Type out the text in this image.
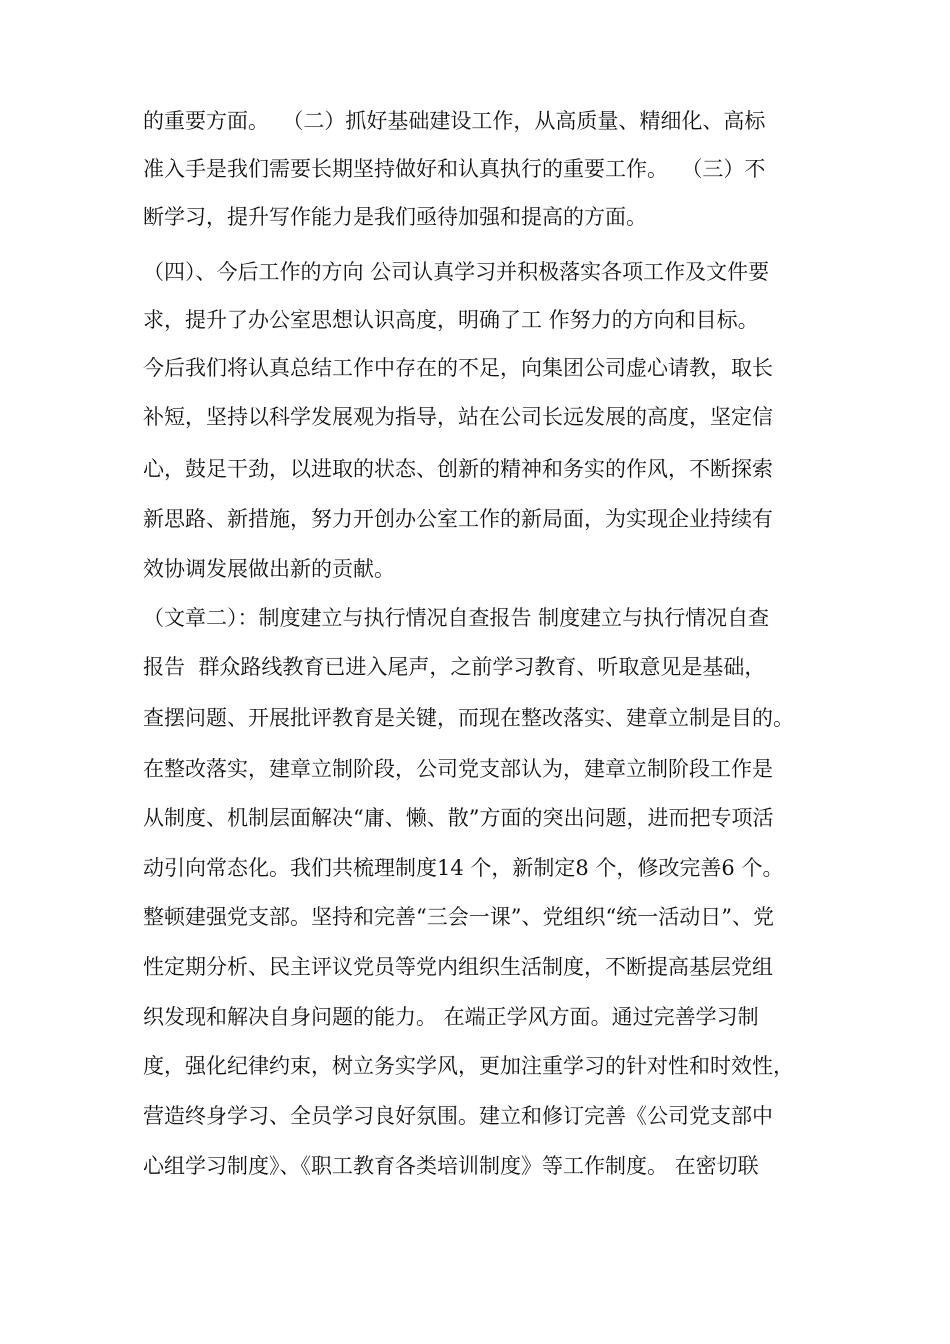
的重要方面。  （二）抓好基础建设工作，从高质量、精细化、高标
准入手是我们需要长期坚持做好和认真执行的重要工作。  （三）不
断学习，提升写作能力是我们亟待加强和提高的方面。
（四）、今后工作的方向 公司认真学习并积极落实各项工作及文件要
求，提升了办公室思想认识高度，明确了工 作努力的方向和目标。
今后我们将认真总结工作中存在的不足，向集团公司虚心请教，取长
补短，坚持以科学发展观为指导，站在公司长远发展的高度，坚定信
心，鼓足干劲，以进取的状态、创新的精神和务实的作风，不断探索
新思路、新措施，努力开创办公室工作的新局面，为实现企业持续有
效协调发展做出新的贡献。
（文章二）：制度建立与执行情况自查报告 制度建立与执行情况自查
报告  群众路线教育已进入尾声，之前学习教育、听取意见是基础，
查摆问题、开展批评教育是关键，而现在整改落实、建章立制是目的。
在整改落实，建章立制阶段，公司党支部认为，建章立制阶段工作是
从制度、机制层面解决“庸、懒、散”方面的突出问题，进而把专项活
动引向常态化。我们共梳理制度14 个，新制定8 个，修改完善6 个。
整顿建强党支部。坚持和完善“三会一课”、党组织“统一活动日”、党
性定期分析、民主评议党员等党内组织生活制度，不断提高基层党组
织发现和解决自身问题的能力。 在端正学风方面。通过完善学习制
度，强化纪律约束，树立务实学风，更加注重学习的针对性和时效性，
营造终身学习、全员学习良好氛围。建立和修订完善《公司党支部中
心组学习制度》、《职工教育各类培训制度》等工作制度。 在密切联
